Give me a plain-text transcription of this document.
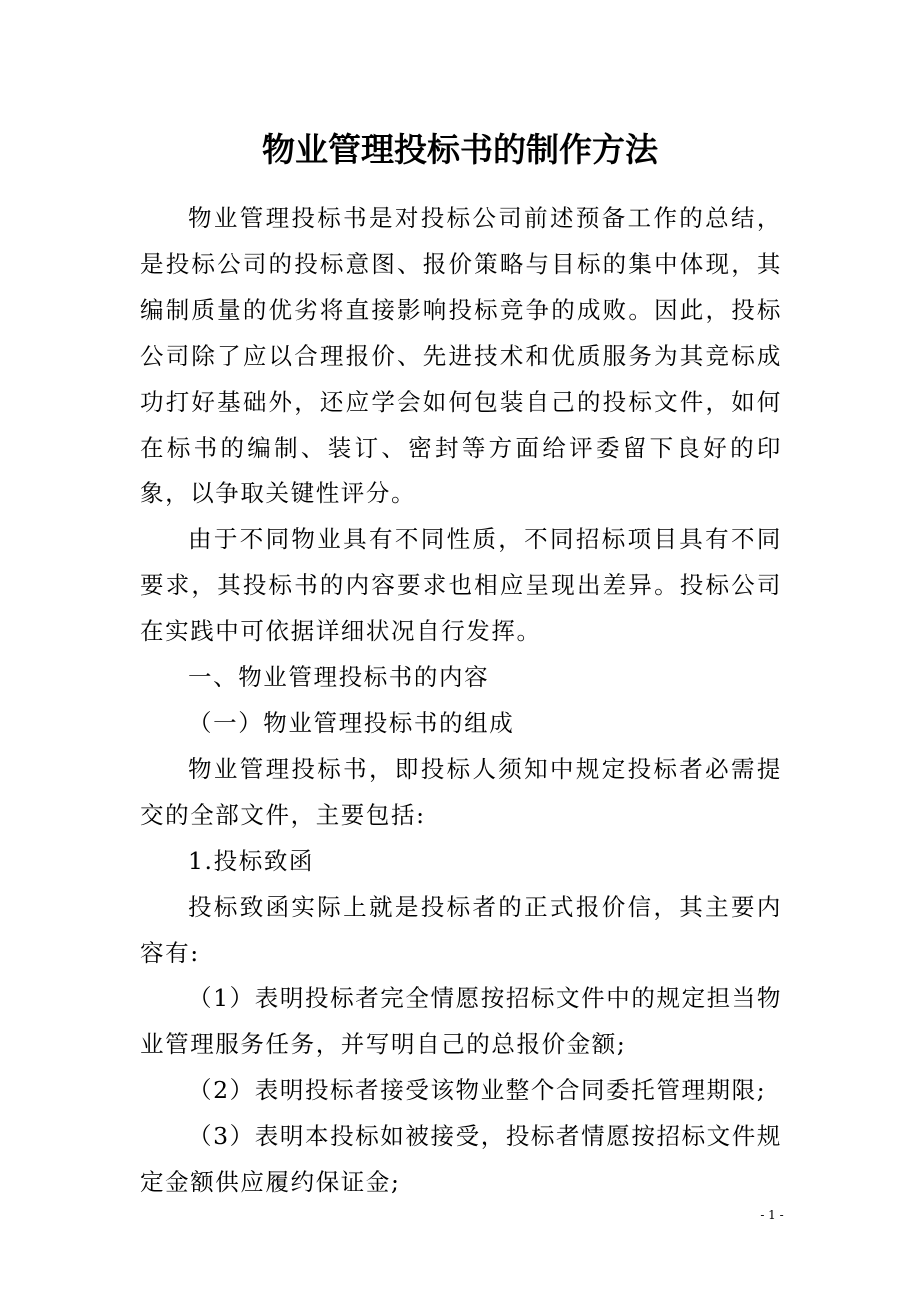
物业管理投标书的制作方法

物业管理投标书是对投标公司前述预备工作的总结，是投标公司的投标意图、报价策略与目标的集中体现，其编制质量的优劣将直接影响投标竞争的成败。因此，投标公司除了应以合理报价、先进技术和优质服务为其竞标成功打好基础外，还应学会如何包装自己的投标文件，如何在标书的编制、装订、密封等方面给评委留下良好的印象，以争取关键性评分。

由于不同物业具有不同性质，不同招标项目具有不同要求，其投标书的内容要求也相应呈现出差异。投标公司在实践中可依据详细状况自行发挥。

一、物业管理投标书的内容

（一）物业管理投标书的组成

物业管理投标书，即投标人须知中规定投标者必需提交的全部文件，主要包括:

1.投标致函

投标致函实际上就是投标者的正式报价信，其主要内容有:

（1）表明投标者完全情愿按招标文件中的规定担当物业管理服务任务，并写明自己的总报价金额;

（2）表明投标者接受该物业整个合同委托管理期限;

（3）表明本投标如被接受，投标者情愿按招标文件规定金额供应履约保证金;

- 1 -
